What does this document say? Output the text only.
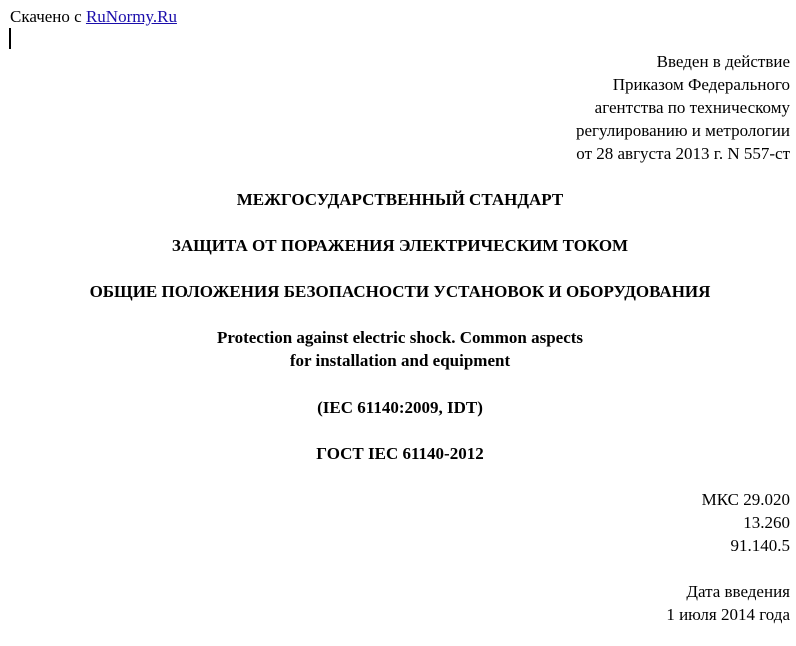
Скачено с RuNormy.Ru
Введен в действие
Приказом Федерального
агентства по техническому
регулированию и метрологии
от 28 августа 2013 г. N 557-ст
МЕЖГОСУДАРСТВЕННЫЙ СТАНДАРТ
ЗАЩИТА ОТ ПОРАЖЕНИЯ ЭЛЕКТРИЧЕСКИМ ТОКОМ
ОБЩИЕ ПОЛОЖЕНИЯ БЕЗОПАСНОСТИ УСТАНОВОК И ОБОРУДОВАНИЯ
Protection against electric shock. Common aspects
for installation and equipment
(IEC 61140:2009, IDT)
ГОСТ IEC 61140-2012
МКС 29.020
13.260
91.140.5
Дата введения
1 июля 2014 года
